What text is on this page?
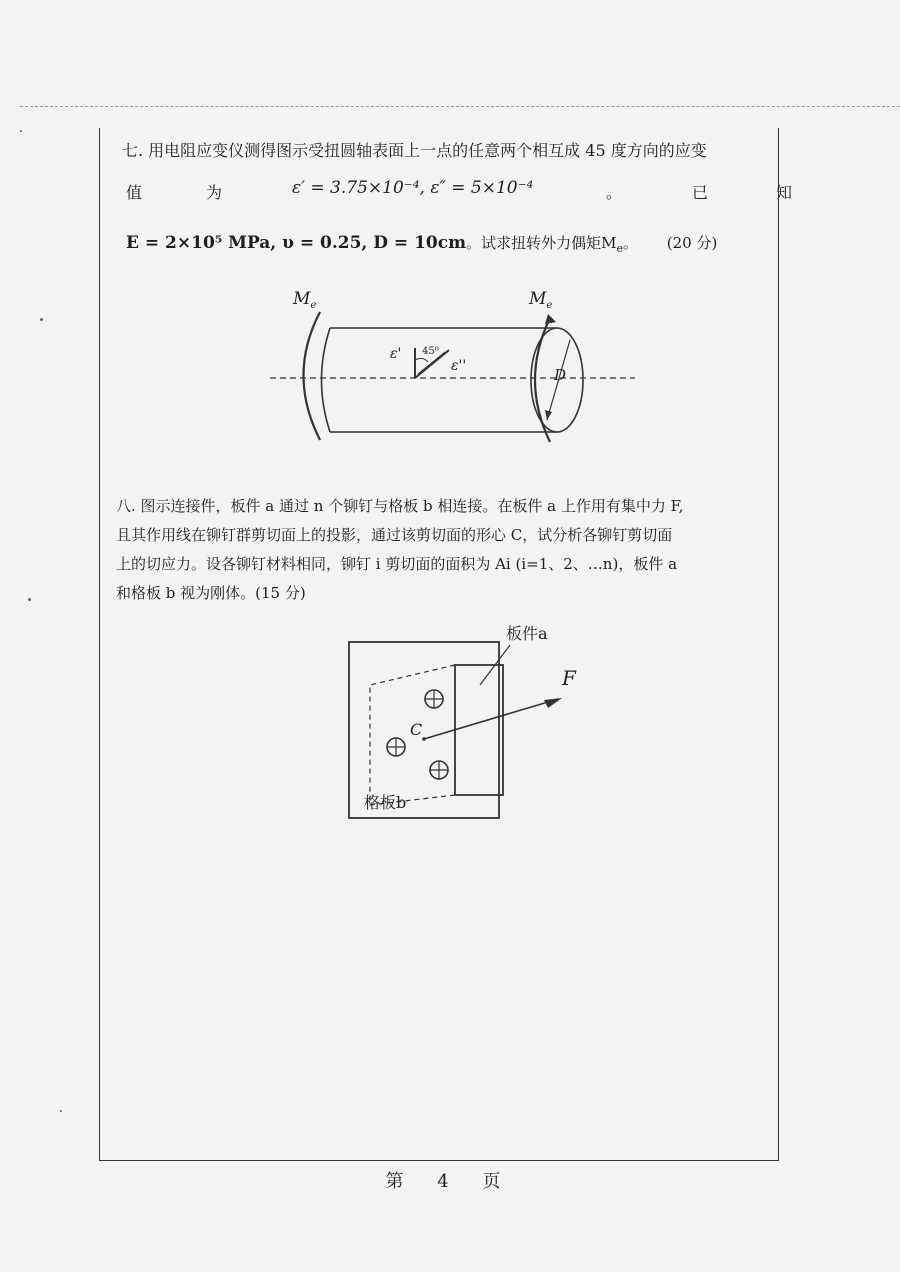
七. 用电阻应变仪测得图示受扭圆轴表面上一点的任意两个相互成 45 度方向的应变
值	为	ε′ = 3.75×10⁻⁴, ε″ = 5×10⁻⁴	。	已	知
E = 2×10⁵ MPa, υ = 0.25, D = 10cm。试求扭转外力偶矩$M_e$。 (20 分)
D
$M_e$	$M_e$
ε' 45⁰
ε''
八. 图示连接件，板件 a 通过 n 个铆钉与格板 b 相连接。在板件 a 上作用有集中力 F,
且其作用线在铆钉群剪切面上的投影，通过该剪切面的形心 C，试分析各铆钉剪切面
上的切应力。设各铆钉材料相同，铆钉 i 剪切面的面积为 Ai (i=1、2、…n)，板件 a
和格板 b 视为刚体。(15 分)
C
F
板件a
格板b
第 4 页
